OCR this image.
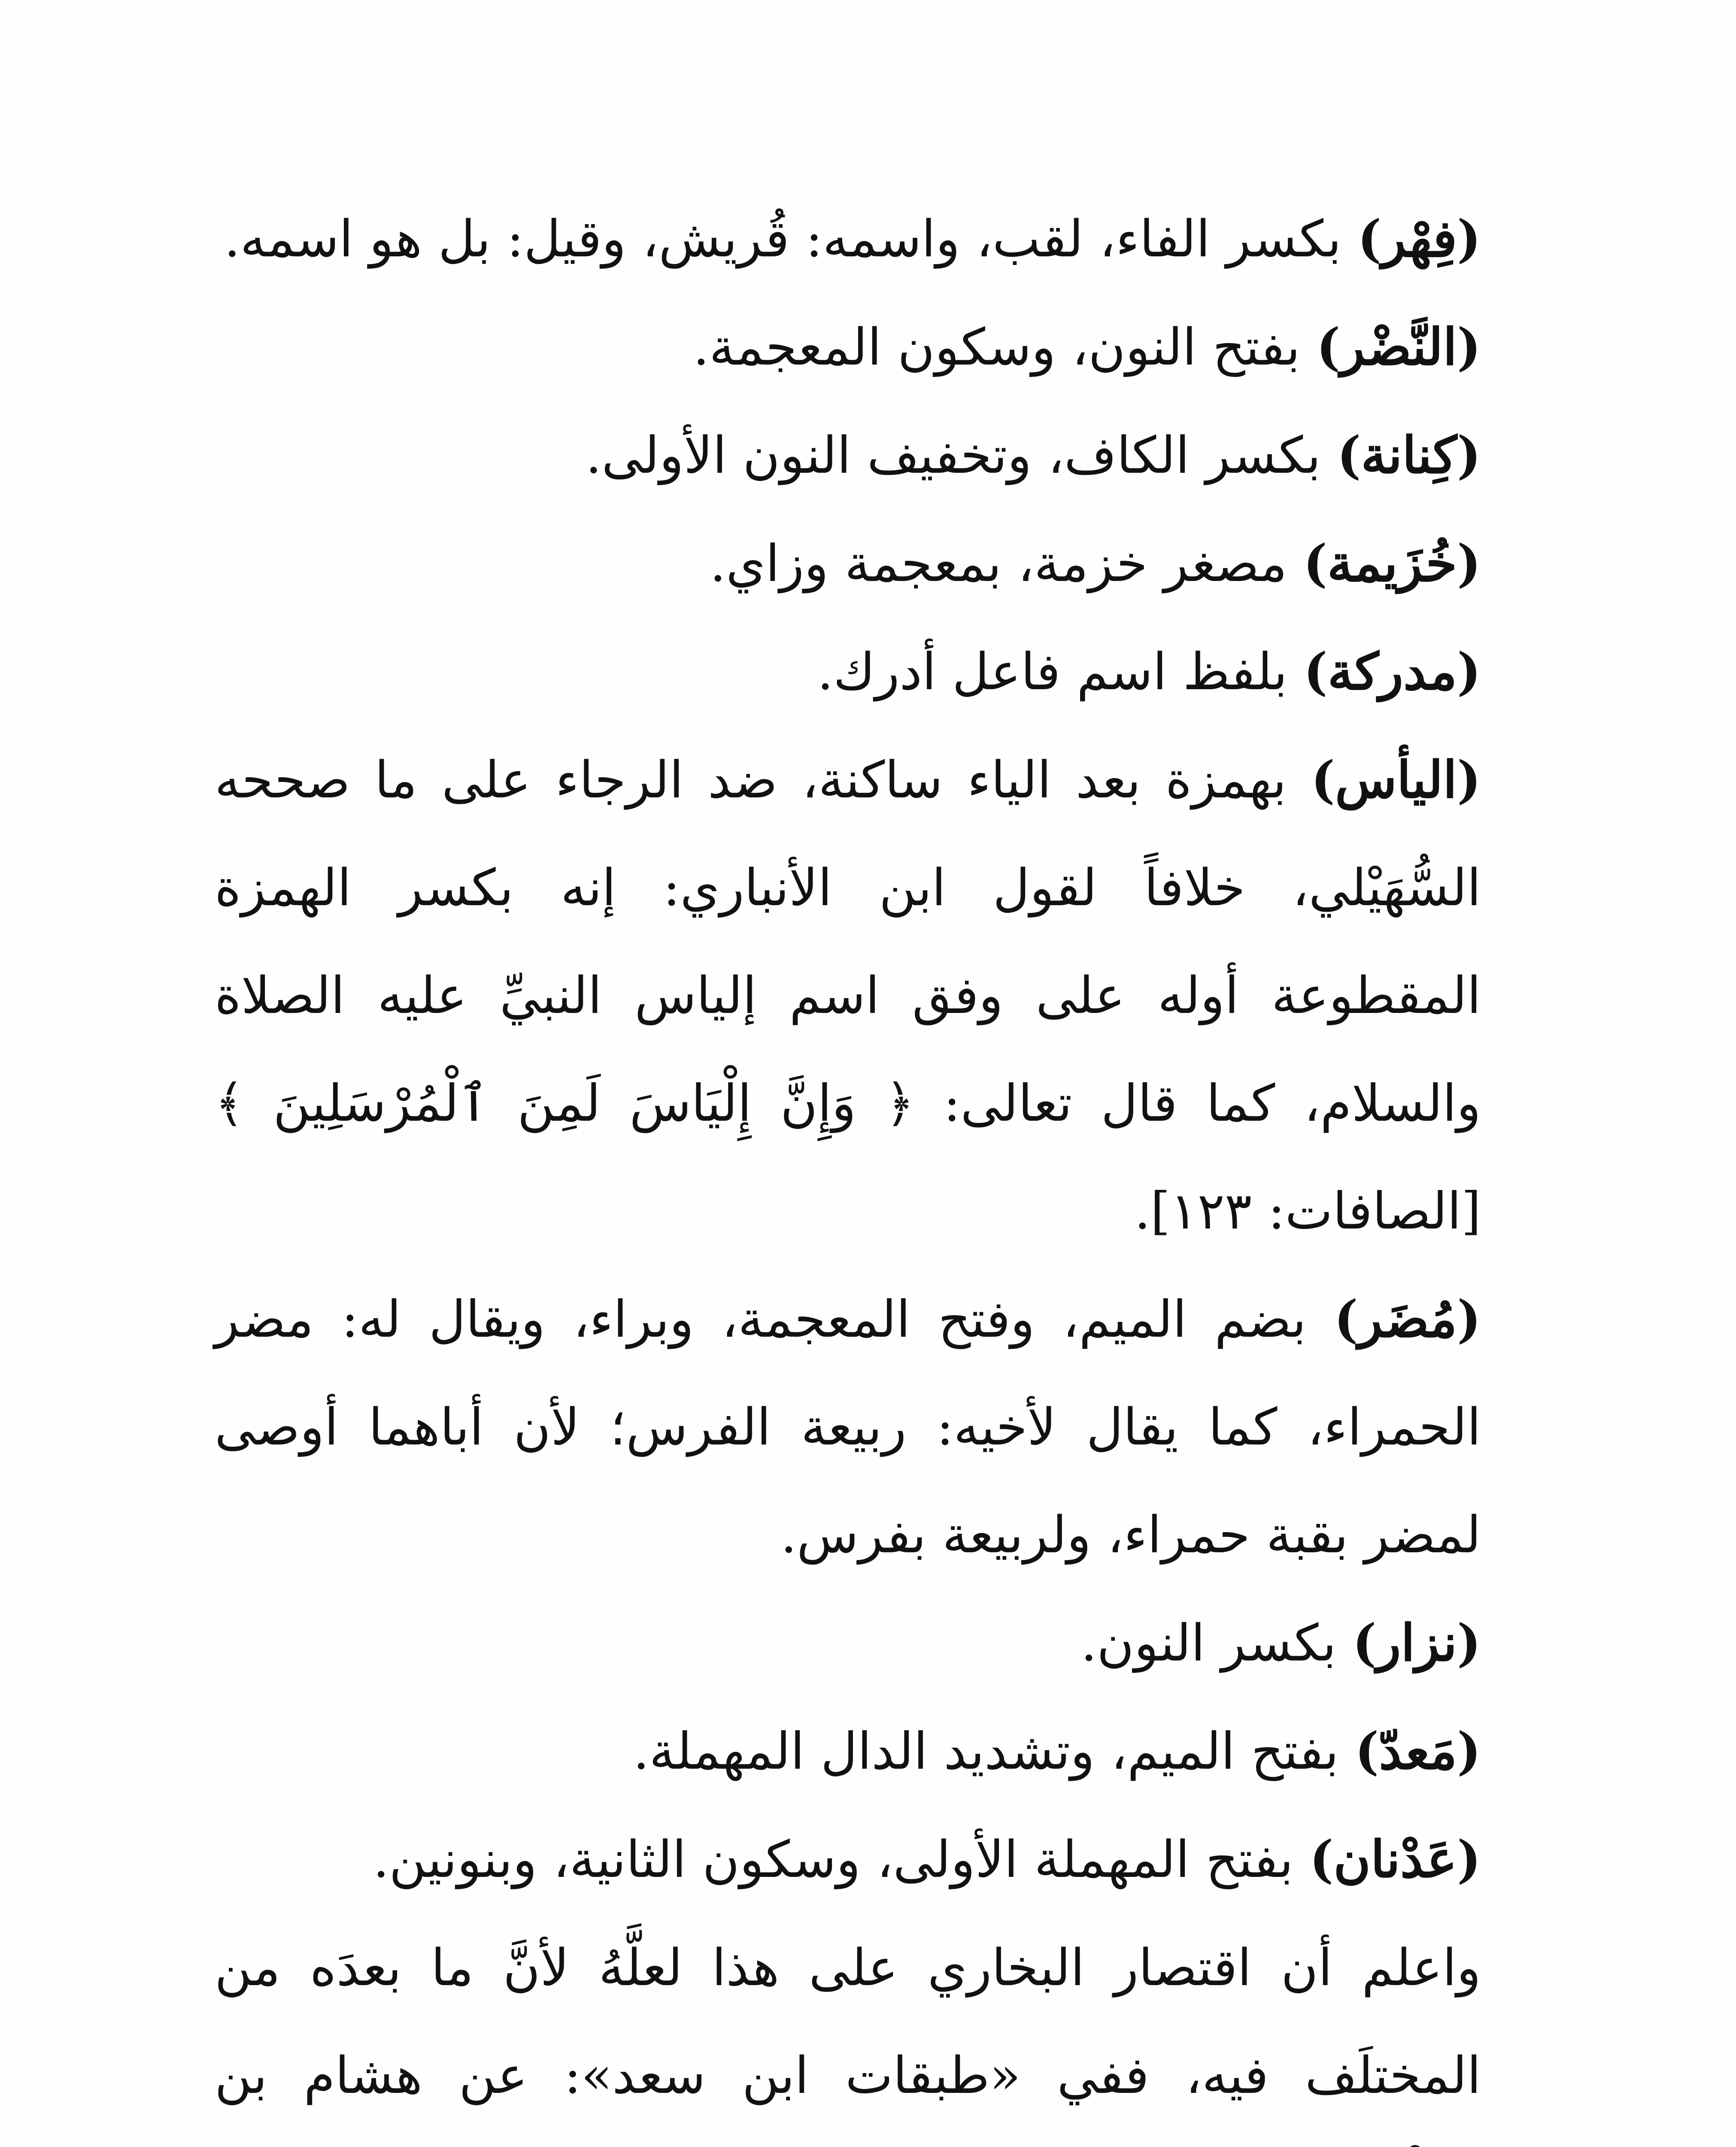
(فِهْر) بكسر الفاء، لقب، واسمه: قُريش، وقيل: بل هو اسمه.

(النَّضْر) بفتح النون، وسكون المعجمة.

(كِنانة) بكسر الكاف، وتخفيف النون الأولى.

(خُزَيمة) مصغر خزمة، بمعجمة وزاي.

(مدركة) بلفظ اسم فاعل أدرك.

(اليأس) بهمزة بعد الياء ساكنة، ضد الرجاء على ما صححه السُّهَيْلي، خلافاً لقول ابن الأنباري: إنه بكسر الهمزة المقطوعة أوله على وفق اسم إلياس النبيِّ عليه الصلاة والسلام، كما قال تعالى: ﴿ وَإِنَّ إِلْيَاسَ لَمِنَ ٱلْمُرْسَلِينَ ﴾[الصافات: ١٢٣].

(مُضَر) بضم الميم، وفتح المعجمة، وبراء، ويقال له: مضر الحمراء، كما يقال لأخيه: ربيعة الفرس؛ لأن أباهما أوصى لمضر بقبة حمراء، ولربيعة بفرس.

(نزار) بكسر النون.

(مَعدّ) بفتح الميم، وتشديد الدال المهملة.

(عَدْنان) بفتح المهملة الأولى، وسكون الثانية، وبنونين.

واعلم أن اقتصار البخاري على هذا لعلَّهُ لأنَّ ما بعدَه من المختلَف فيه، ففي «طبقات ابن سعد»: عن هشام بن
